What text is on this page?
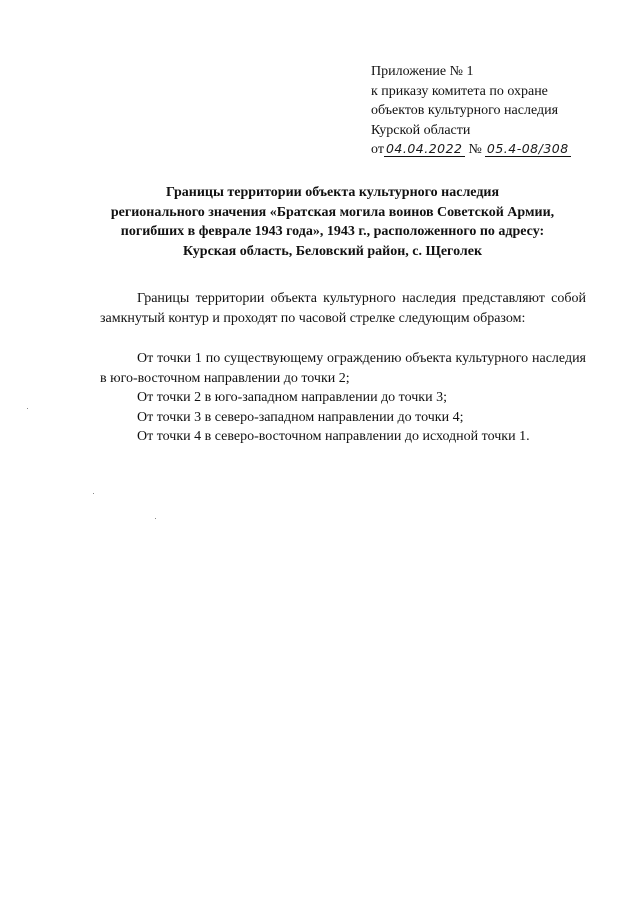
Приложение № 1
к приказу комитета по охране
объектов культурного наследия
Курской области
от 04.04.2022 № 05.4-08/308
Границы территории объекта культурного наследия
регионального значения «Братская могила воинов Советской Армии,
погибших в феврале 1943 года», 1943 г., расположенного по адресу:
Курская область, Беловский район, с. Щеголек
Границы территории объекта культурного наследия представляют собой замкнутый контур и проходят по часовой стрелке следующим образом:
От точки 1 по существующему ограждению объекта культурного наследия в юго-восточном направлении до точки 2;
От точки 2 в юго-западном направлении до точки 3;
От точки 3 в северо-западном направлении до точки 4;
От точки 4 в северо-восточном направлении до исходной точки 1.
